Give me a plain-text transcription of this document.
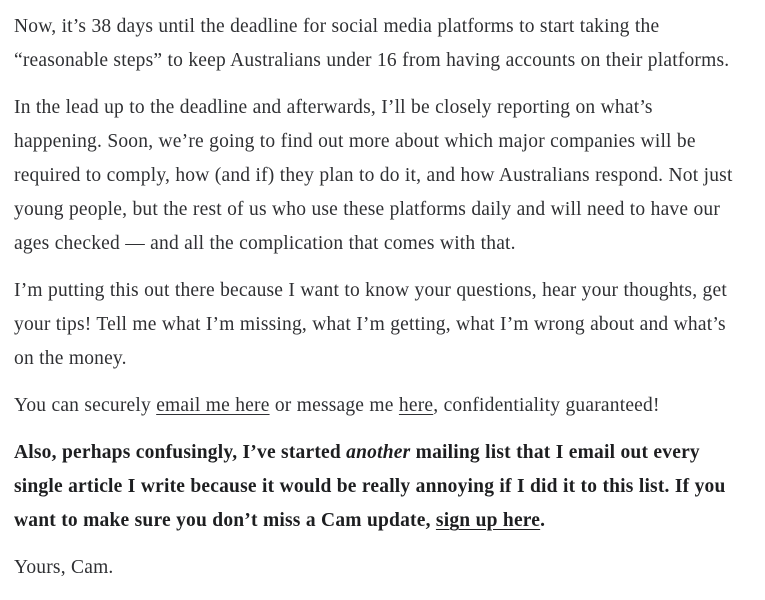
Now, it’s 38 days until the deadline for social media platforms to start taking the “reasonable steps” to keep Australians under 16 from having accounts on their platforms.

In the lead up to the deadline and afterwards, I’ll be closely reporting on what’s happening. Soon, we’re going to find out more about which major companies will be required to comply, how (and if) they plan to do it, and how Australians respond. Not just young people, but the rest of us who use these platforms daily and will need to have our ages checked — and all the complication that comes with that.

I’m putting this out there because I want to know your questions, hear your thoughts, get your tips! Tell me what I’m missing, what I’m getting, what I’m wrong about and what’s on the money.

You can securely email me here or message me here, confidentiality guaranteed!

Also, perhaps confusingly, I’ve started another mailing list that I email out every single article I write because it would be really annoying if I did it to this list. If you want to make sure you don’t miss a Cam update, sign up here.

Yours, Cam.
